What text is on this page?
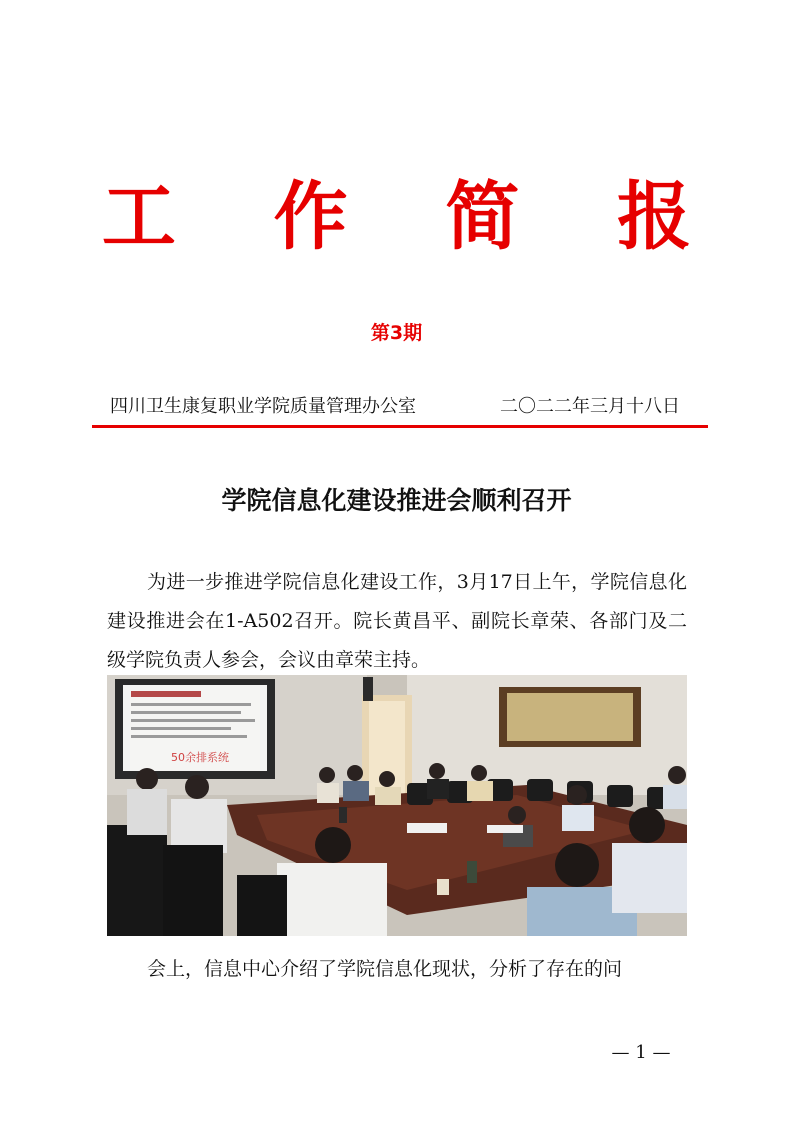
工 作 简 报
第3期
四川卫生康复职业学院质量管理办公室	二〇二二年三月十八日
学院信息化建设推进会顺利召开

为进一步推进学院信息化建设工作，3月17日上午，学院信息化建设推进会在1-A502召开。院长黄昌平、副院长章荣、各部门及二级学院负责人参会，会议由章荣主持。

50余排系统

会上，信息中心介绍了学院信息化现状，分析了存在的问

— 1 —
